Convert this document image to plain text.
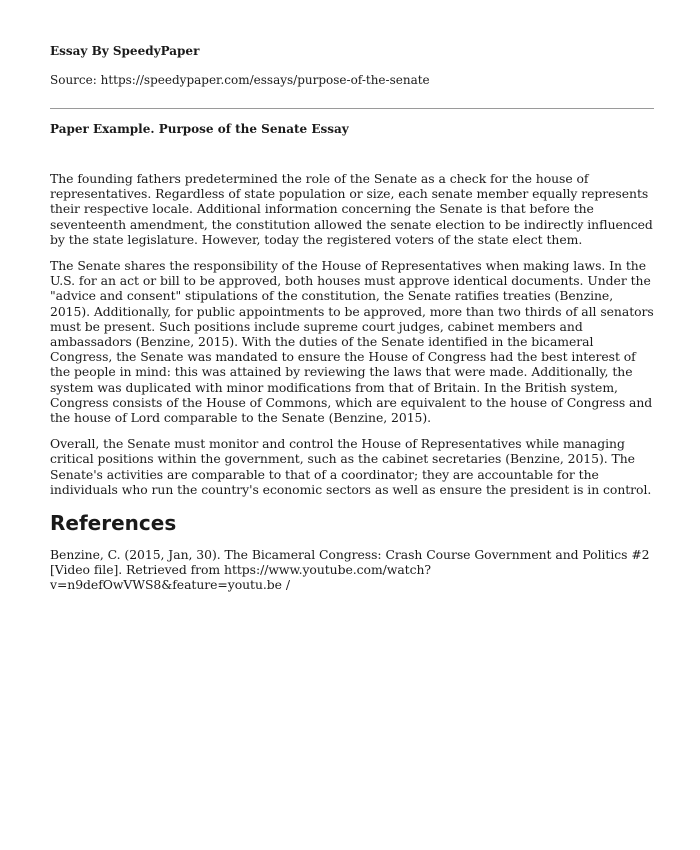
Essay By SpeedyPaper

Source: https://speedypaper.com/essays/purpose-of-the-senate

Paper Example. Purpose of the Senate Essay

The founding fathers predetermined the role of the Senate as a check for the house of representatives. Regardless of state population or size, each senate member equally represents their respective locale. Additional information concerning the Senate is that before the seventeenth amendment, the constitution allowed the senate election to be indirectly influenced by the state legislature. However, today the registered voters of the state elect them.

The Senate shares the responsibility of the House of Representatives when making laws. In the U.S. for an act or bill to be approved, both houses must approve identical documents. Under the "advice and consent" stipulations of the constitution, the Senate ratifies treaties (Benzine, 2015). Additionally, for public appointments to be approved, more than two thirds of all senators must be present. Such positions include supreme court judges, cabinet members and ambassadors (Benzine, 2015). With the duties of the Senate identified in the bicameral Congress, the Senate was mandated to ensure the House of Congress had the best interest of the people in mind: this was attained by reviewing the laws that were made. Additionally, the system was duplicated with minor modifications from that of Britain. In the British system, Congress consists of the House of Commons, which are equivalent to the house of Congress and the house of Lord comparable to the Senate (Benzine, 2015).

Overall, the Senate must monitor and control the House of Representatives while managing critical positions within the government, such as the cabinet secretaries (Benzine, 2015). The Senate's activities are comparable to that of a coordinator; they are accountable for the individuals who run the country's economic sectors as well as ensure the president is in control.

References

Benzine, C. (2015, Jan, 30). The Bicameral Congress: Crash Course Government and Politics #2 [Video file]. Retrieved from https://www.youtube.com/watch?v=n9defOwVWS8&feature=youtu.be /
